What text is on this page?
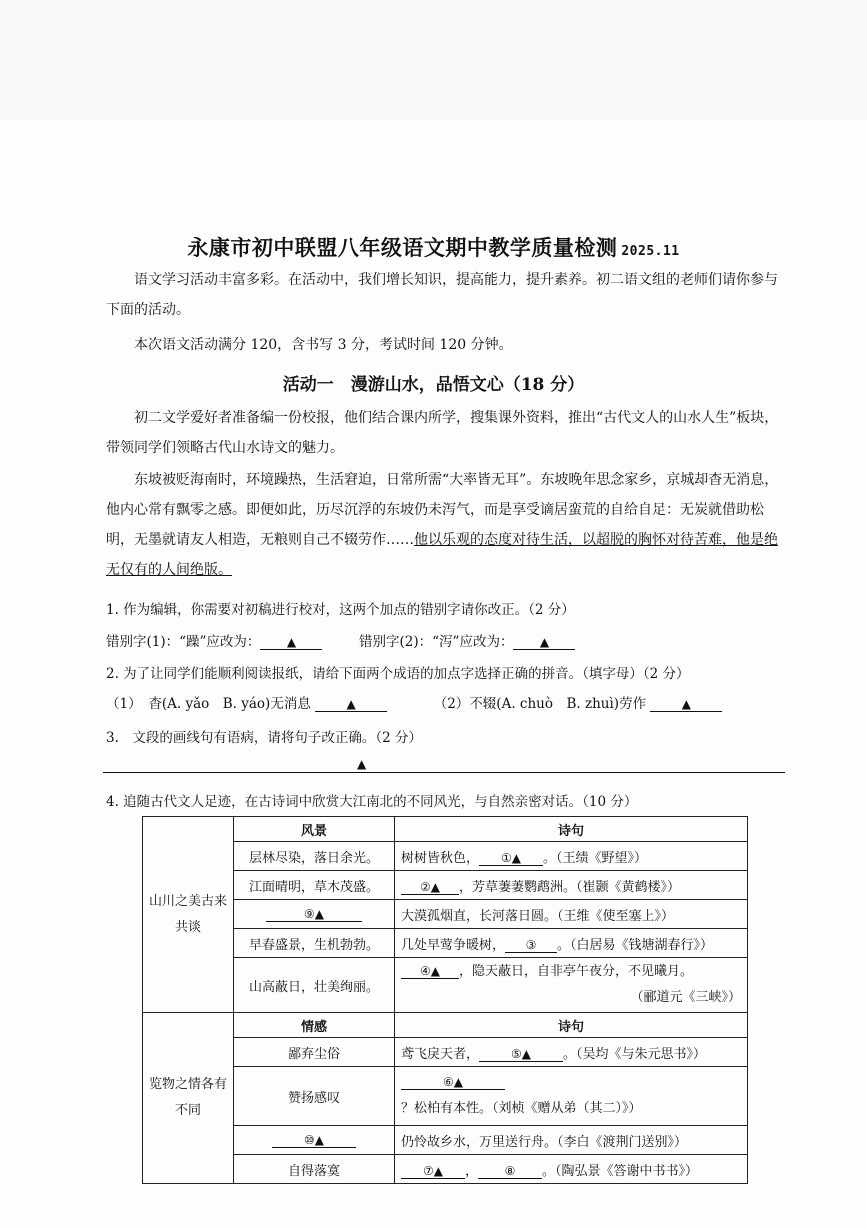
永康市初中联盟八年级语文期中教学质量检测 2025.11
语文学习活动丰富多彩。在活动中，我们增长知识，提高能力，提升素养。初二语文组的老师们请你参与下面的活动。
本次语文活动满分 120，含书写 3 分，考试时间 120 分钟。
活动一　漫游山水，品悟文心（18 分）
初二文学爱好者准备编一份校报，他们结合课内所学，搜集课外资料，推出“古代文人的山水人生”板块，带领同学们领略古代山水诗文的魅力。
东坡被贬海南时，环境躁热，生活窘迫，日常所需“大率皆无耳”。东坡晚年思念家乡，京城却杳无消息，他内心常有飘零之感。即便如此，历尽沉浮的东坡仍未泻气，而是享受谪居蛮荒的自给自足：无炭就借助松明，无墨就请友人相造，无粮则自己不辍劳作……他以乐观的态度对待生活，以超脱的胸怀对待苦难，他是绝无仅有的人间绝版。
1. 作为编辑，你需要对初稿进行校对，这两个加点的错别字请你改正。（2 分）
错别字(1)：“躁”应改为： ▲	错别字(2)：“泻”应改为： ▲
2. 为了让同学们能顺利阅读报纸，请给下面两个成语的加点字选择正确的拼音。（填字母）（2 分）
（1）　杳(A. yǎo　B. yáo)无消息	▲	（2）不辍(A. chuò　B. zhuì)劳作	▲
3.　文段的画线句有语病，请将句子改正确。（2 分）
▲
4. 追随古代文人足迹，在古诗词中欣赏大江南北的不同风光，与自然亲密对话。（10 分）
山川之美古来共谈	风景	诗句
	层林尽染，落日余光。	树树皆秋色， ①▲ 。（王绩《野望》）
	江面晴明，草木茂盛。	②▲ ，芳草萋萋鹦鹉洲。（崔颢《黄鹤楼》）
	⑨▲	大漠孤烟直，长河落日圆。（王维《使至塞上》）
	早春盛景，生机勃勃。	几处早莺争暖树， ③ 。（白居易《钱塘湖春行》）
	山高蔽日，壮美绚丽。	④▲ ，隐天蔽日，自非亭午夜分，不见曦月。
（郦道元《三峡》）

览物之情各有不同	情感	诗句
	鄙弃尘俗	鸢飞戾天者， ⑤▲ 。（吴均《与朱元思书》）
	赞扬感叹	⑥▲？松柏有本性。（刘桢《赠从弟（其二）》）
	⑩▲	仍怜故乡水，万里送行舟。（李白《渡荆门送别》）
	自得落寞	⑦▲ ， ⑧ 。（陶弘景《答谢中书书》）
